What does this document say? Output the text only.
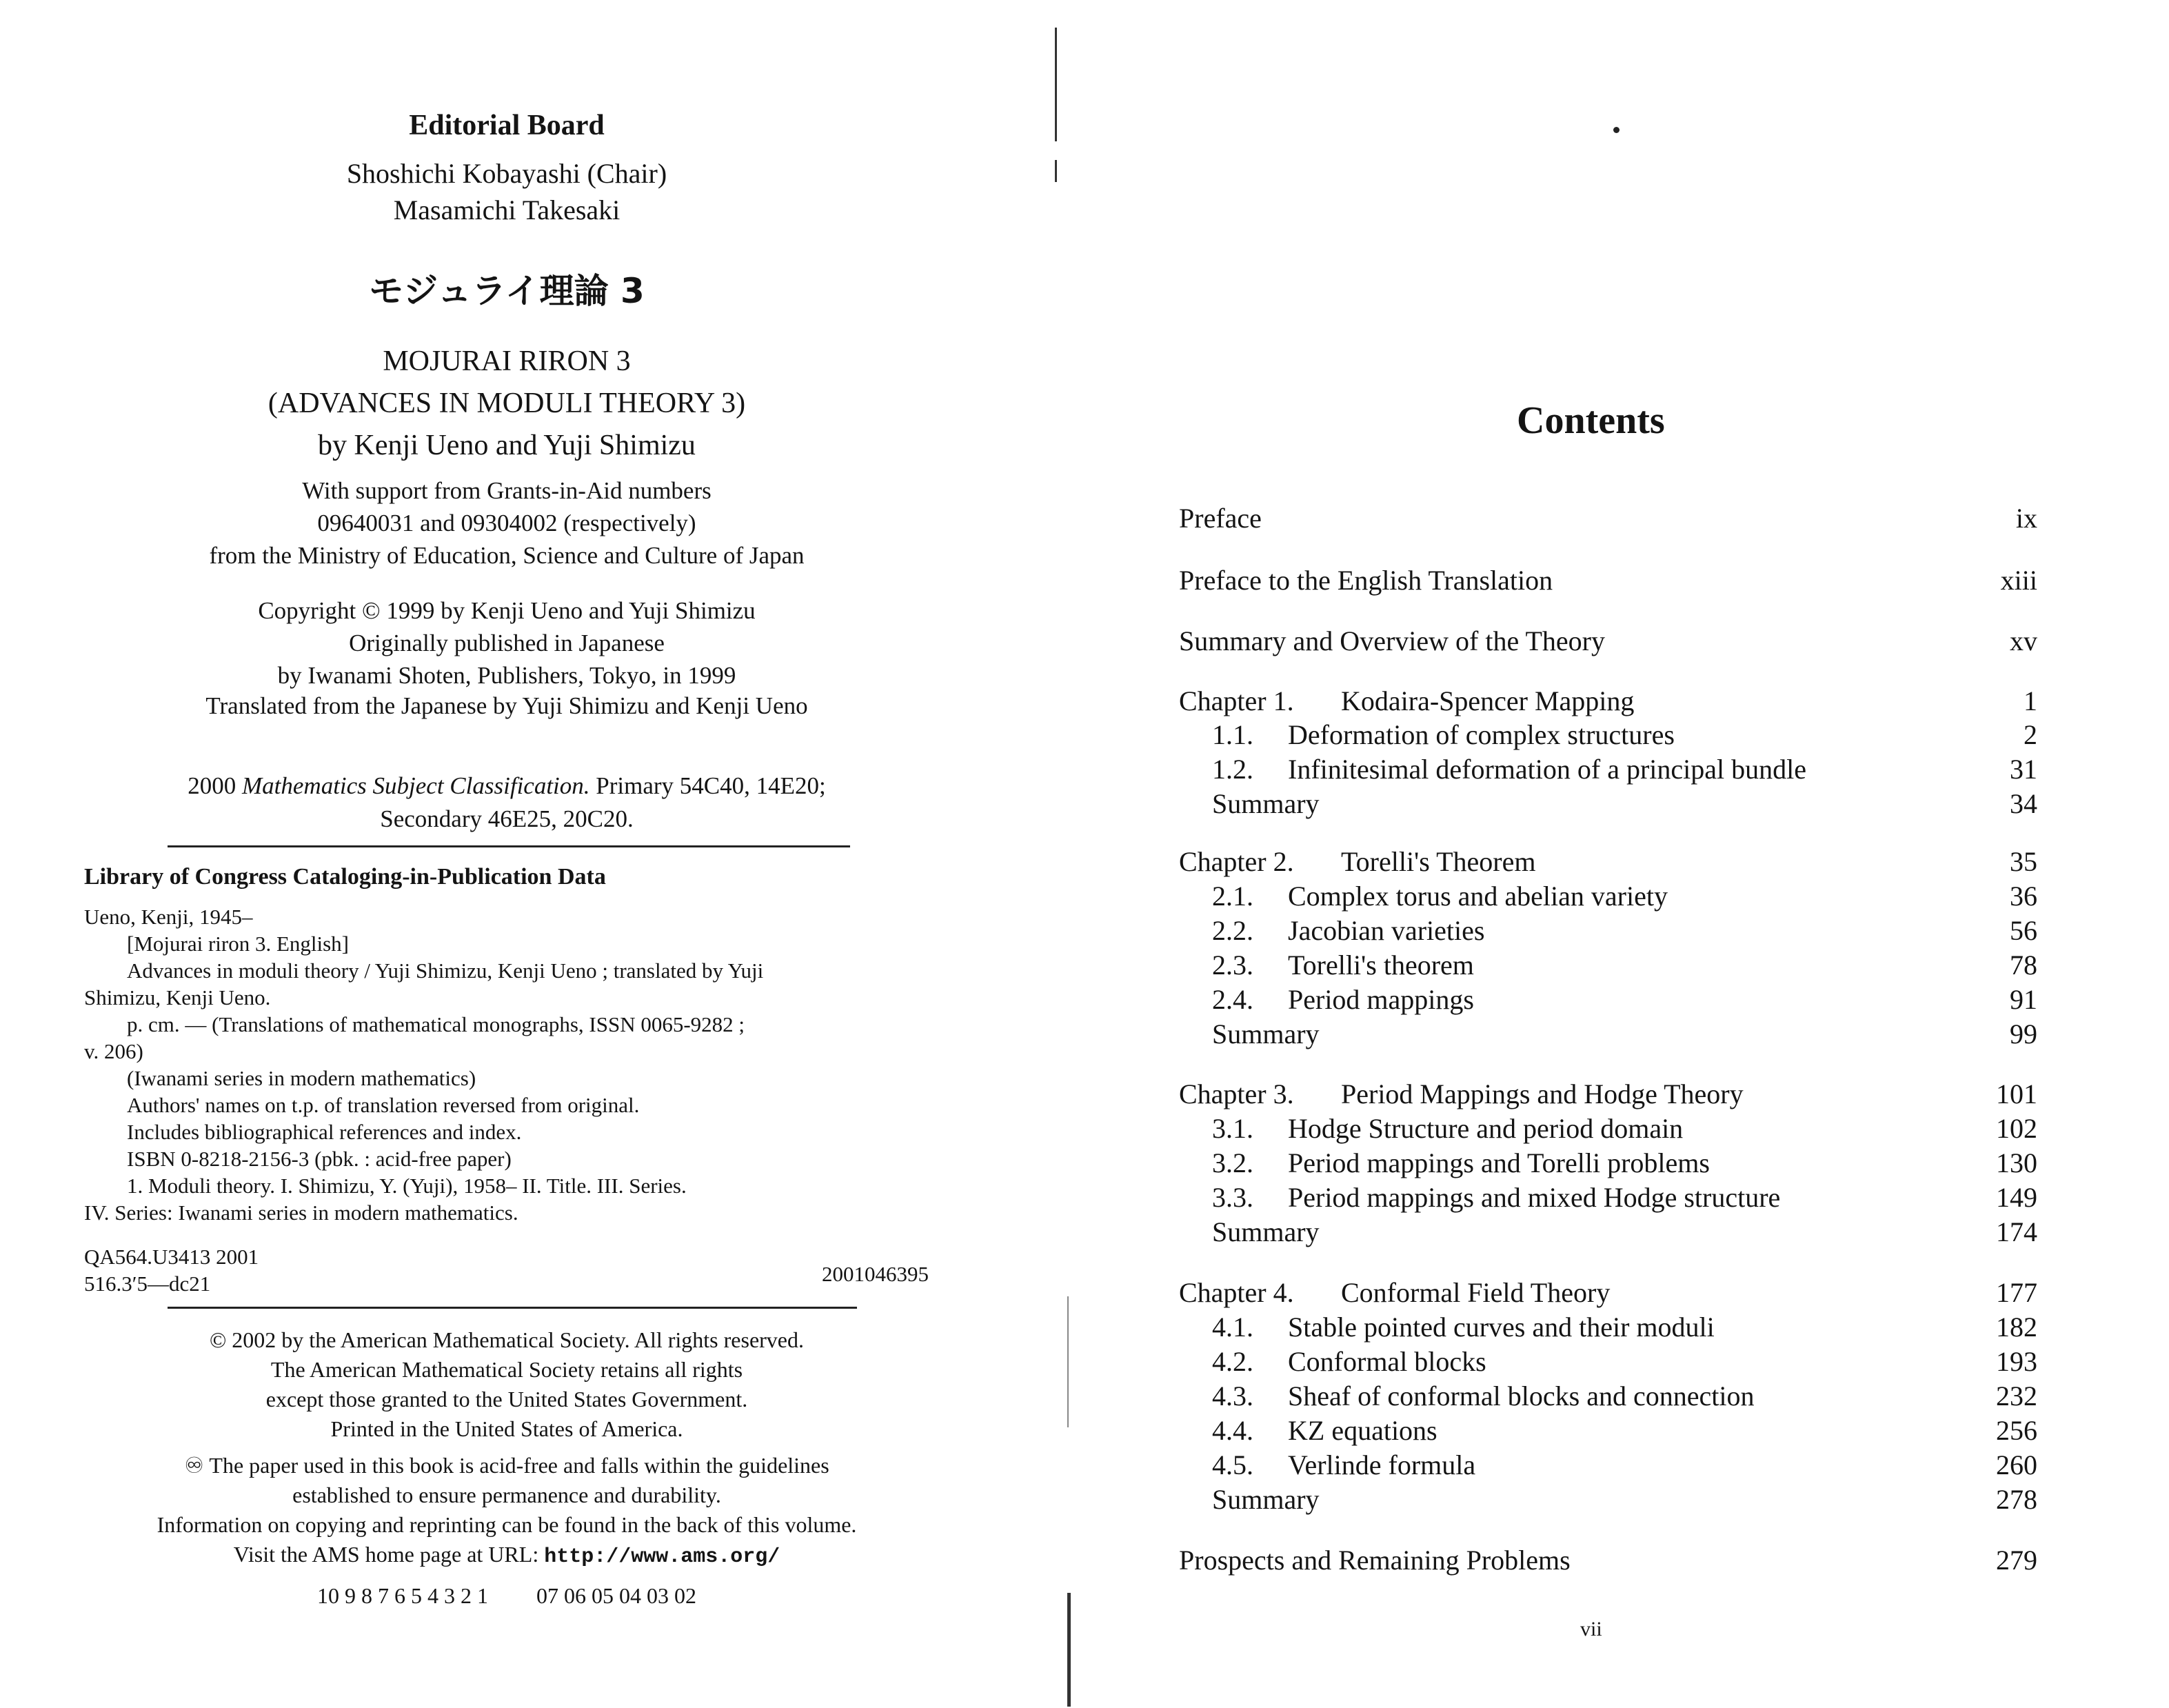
Editorial Board
Shoshichi Kobayashi (Chair)
Masamichi Takesaki
モジュライ理論 3
MOJURAI RIRON 3
(ADVANCES IN MODULI THEORY 3)
by Kenji Ueno and Yuji Shimizu
With support from Grants-in-Aid numbers
09640031 and 09304002 (respectively)
from the Ministry of Education, Science and Culture of Japan
Copyright © 1999 by Kenji Ueno and Yuji Shimizu
Originally published in Japanese
by Iwanami Shoten, Publishers, Tokyo, in 1999
Translated from the Japanese by Yuji Shimizu and Kenji Ueno
2000 Mathematics Subject Classification. Primary 54C40, 14E20;
Secondary 46E25, 20C20.
Library of Congress Cataloging-in-Publication Data
Ueno, Kenji, 1945–
[Mojurai riron 3. English]
Advances in moduli theory / Yuji Shimizu, Kenji Ueno ; translated by Yuji
Shimizu, Kenji Ueno.
p. cm. — (Translations of mathematical monographs, ISSN 0065-9282 ;
v. 206)
(Iwanami series in modern mathematics)
Authors' names on t.p. of translation reversed from original.
Includes bibliographical references and index.
ISBN 0-8218-2156-3 (pbk. : acid-free paper)
1. Moduli theory. I. Shimizu, Y. (Yuji), 1958– II. Title. III. Series.
IV. Series: Iwanami series in modern mathematics.
QA564.U3413 2001
516.3′5—dc21	2001046395
© 2002 by the American Mathematical Society. All rights reserved.
The American Mathematical Society retains all rights
except those granted to the United States Government.
Printed in the United States of America.
♾ The paper used in this book is acid-free and falls within the guidelines
established to ensure permanence and durability.
Information on copying and reprinting can be found in the back of this volume.
Visit the AMS home page at URL: http://www.ams.org/
10 9 8 7 6 5 4 3 2 1 07 06 05 04 03 02
Contents
Preface	ix
Preface to the English Translation	xiii
Summary and Overview of the Theory	xv
Chapter 1. Kodaira-Spencer Mapping	1
1.1. Deformation of complex structures	2
1.2. Infinitesimal deformation of a principal bundle	31
Summary	34
Chapter 2. Torelli's Theorem	35
2.1. Complex torus and abelian variety	36
2.2. Jacobian varieties	56
2.3. Torelli's theorem	78
2.4. Period mappings	91
Summary	99
Chapter 3. Period Mappings and Hodge Theory	101
3.1. Hodge Structure and period domain	102
3.2. Period mappings and Torelli problems	130
3.3. Period mappings and mixed Hodge structure	149
Summary	174
Chapter 4. Conformal Field Theory	177
4.1. Stable pointed curves and their moduli	182
4.2. Conformal blocks	193
4.3. Sheaf of conformal blocks and connection	232
4.4. KZ equations	256
4.5. Verlinde formula	260
Summary	278
Prospects and Remaining Problems	279
vii
